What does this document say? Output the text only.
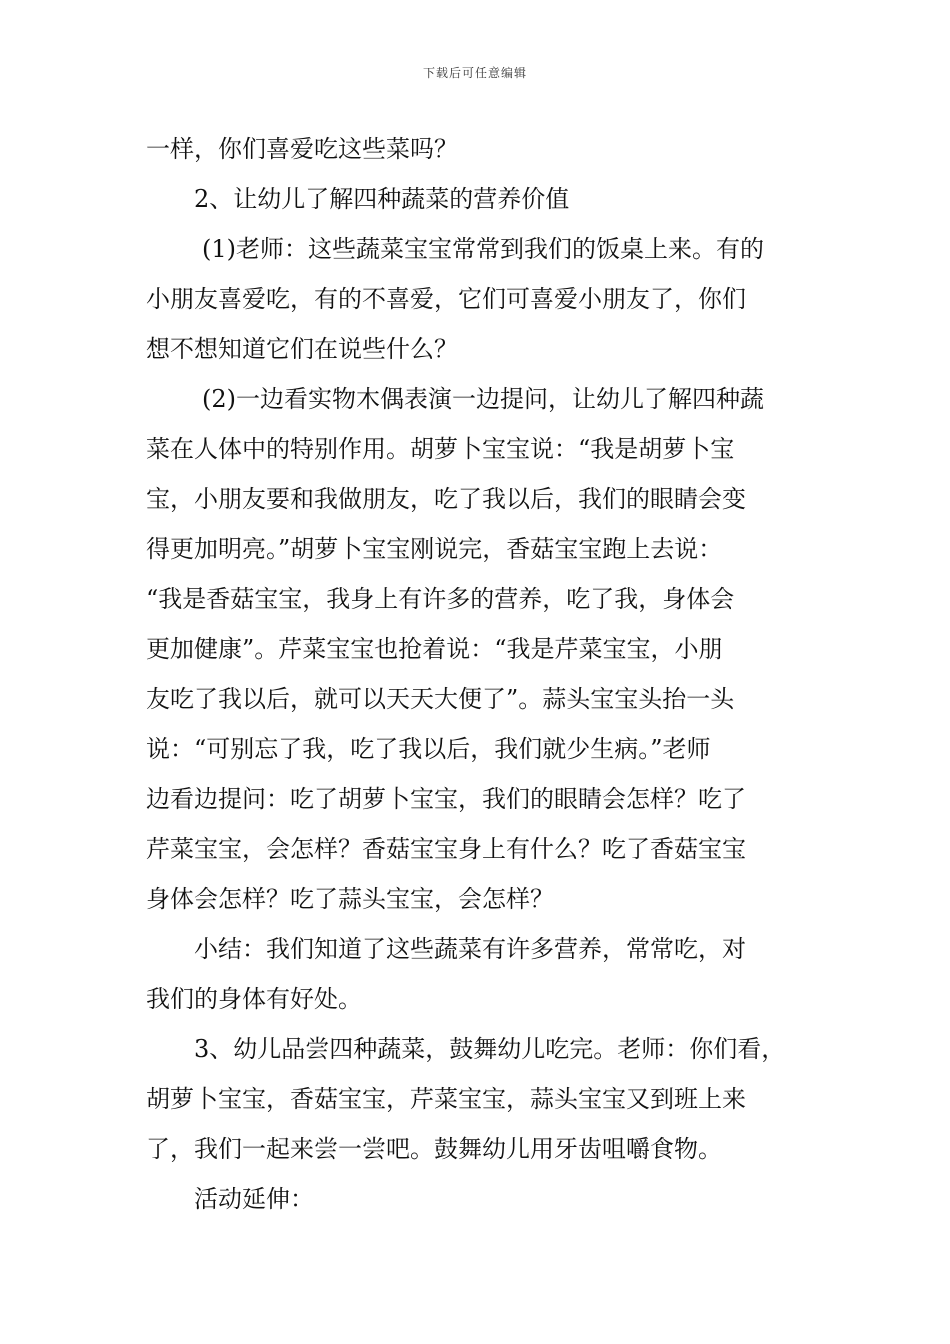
下载后可任意编辑
一样，你们喜爱吃这些菜吗？
2、让幼儿了解四种蔬菜的营养价值
(1)老师：这些蔬菜宝宝常常到我们的饭桌上来。有的
小朋友喜爱吃，有的不喜爱，它们可喜爱小朋友了，你们
想不想知道它们在说些什么？
(2)一边看实物木偶表演一边提问，让幼儿了解四种蔬
菜在人体中的特别作用。胡萝卜宝宝说：“我是胡萝卜宝
宝，小朋友要和我做朋友，吃了我以后，我们的眼睛会变
得更加明亮。”胡萝卜宝宝刚说完，香菇宝宝跑上去说：
“我是香菇宝宝，我身上有许多的营养，吃了我，身体会
更加健康”。芹菜宝宝也抢着说：“我是芹菜宝宝，小朋
友吃了我以后，就可以天天大便了”。蒜头宝宝头抬一头
说：“可别忘了我，吃了我以后，我们就少生病。”老师
边看边提问：吃了胡萝卜宝宝，我们的眼睛会怎样？吃了
芹菜宝宝，会怎样？香菇宝宝身上有什么？吃了香菇宝宝
身体会怎样？吃了蒜头宝宝，会怎样？
小结：我们知道了这些蔬菜有许多营养，常常吃，对
我们的身体有好处。
3、幼儿品尝四种蔬菜，鼓舞幼儿吃完。老师：你们看，
胡萝卜宝宝，香菇宝宝，芹菜宝宝，蒜头宝宝又到班上来
了，我们一起来尝一尝吧。鼓舞幼儿用牙齿咀嚼食物。
活动延伸：
